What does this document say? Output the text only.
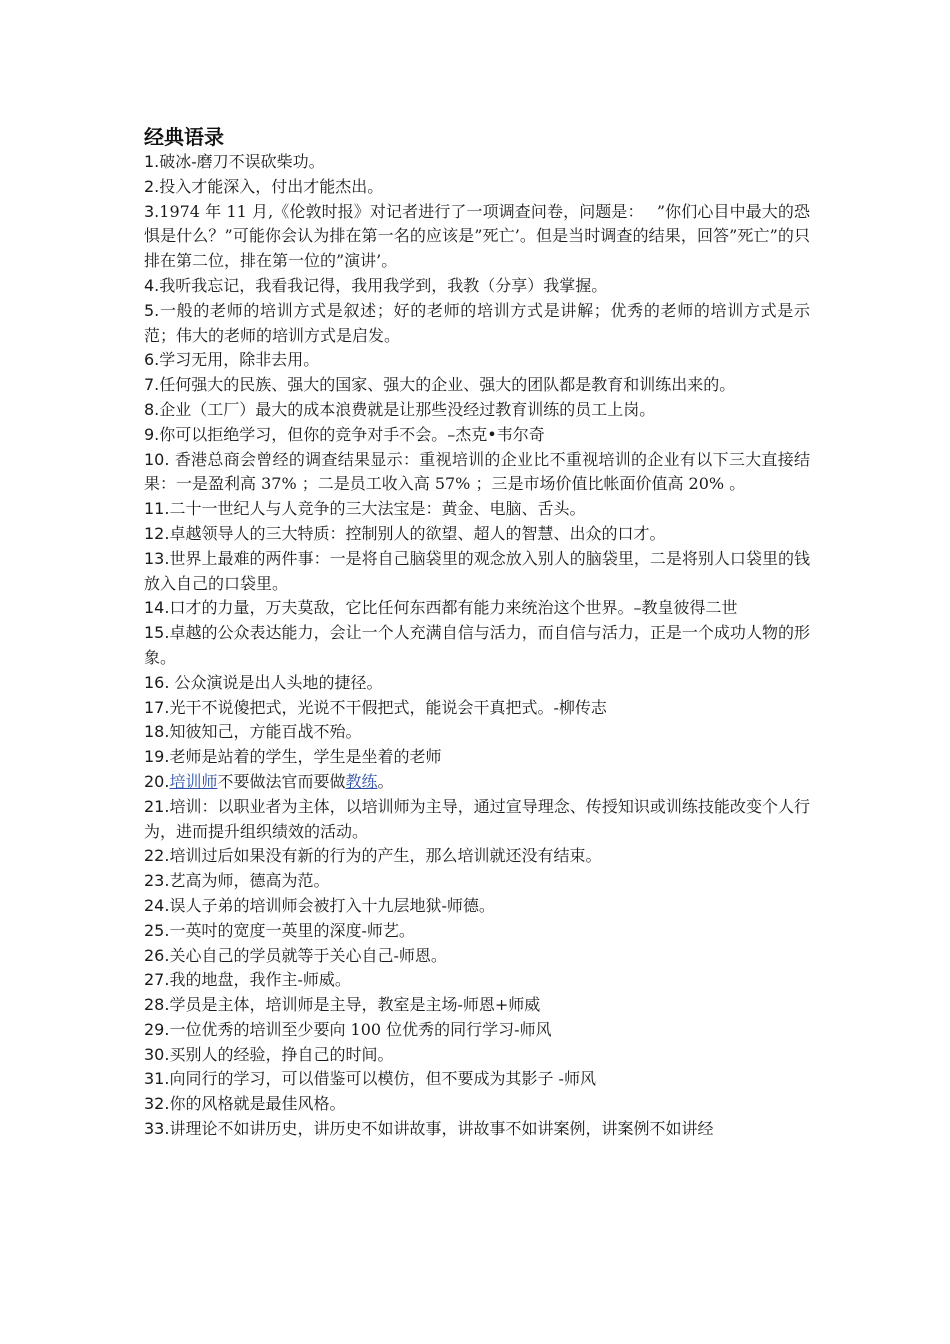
经典语录
1.破冰-磨刀不误砍柴功。
2.投入才能深入，付出才能杰出。
3.1974 年 11 月,《伦敦时报》对记者进行了一项调查问卷，问题是：　 ”你们心目中最大的恐惧是什么？”可能你会认为排在第一名的应该是”死亡’。但是当时调查的结果，回答”死亡”的只排在第二位，排在第一位的”演讲’。
4.我听我忘记，我看我记得，我用我学到，我教（分享）我掌握。
5.一般的老师的培训方式是叙述；好的老师的培训方式是讲解；优秀的老师的培训方式是示范；伟大的老师的培训方式是启发。
6.学习无用，除非去用。
7.任何强大的民族、强大的国家、强大的企业、强大的团队都是教育和训练出来的。
8.企业（工厂）最大的成本浪费就是让那些没经过教育训练的员工上岗。
9.你可以拒绝学习，但你的竞争对手不会。–杰克•韦尔奇
10. 香港总商会曾经的调查结果显示：重视培训的企业比不重视培训的企业有以下三大直接结果：一是盈利高 37% ；二是员工收入高 57% ；三是市场价值比帐面价值高 20% 。
11.二十一世纪人与人竞争的三大法宝是：黄金、电脑、舌头。
12.卓越领导人的三大特质：控制别人的欲望、超人的智慧、出众的口才。
13.世界上最难的两件事：一是将自己脑袋里的观念放入别人的脑袋里，二是将别人口袋里的钱放入自己的口袋里。
14.口才的力量，万夫莫敌，它比任何东西都有能力来统治这个世界。–教皇彼得二世
15.卓越的公众表达能力，会让一个人充满自信与活力，而自信与活力，正是一个成功人物的形象。
16. 公众演说是出人头地的捷径。
17.光干不说傻把式，光说不干假把式，能说会干真把式。-柳传志
18.知彼知己，方能百战不殆。
19.老师是站着的学生，学生是坐着的老师
20.培训师不要做法官而要做教练。
21.培训：以职业者为主体，以培训师为主导，通过宣导理念、传授知识或训练技能改变个人行为，进而提升组织绩效的活动。
22.培训过后如果没有新的行为的产生，那么培训就还没有结束。
23.艺高为师，德高为范。
24.误人子弟的培训师会被打入十九层地狱-师德。
25.一英吋的宽度一英里的深度-师艺。
26.关心自己的学员就等于关心自己-师恩。
27.我的地盘，我作主-师威。
28.学员是主体，培训师是主导，教室是主场-师恩+师威
29.一位优秀的培训至少要向 100 位优秀的同行学习-师风
30.买别人的经验，挣自己的时间。
31.向同行的学习，可以借鉴可以模仿，但不要成为其影子 -师风
32.你的风格就是最佳风格。
33.讲理论不如讲历史，讲历史不如讲故事，讲故事不如讲案例，讲案例不如讲经
